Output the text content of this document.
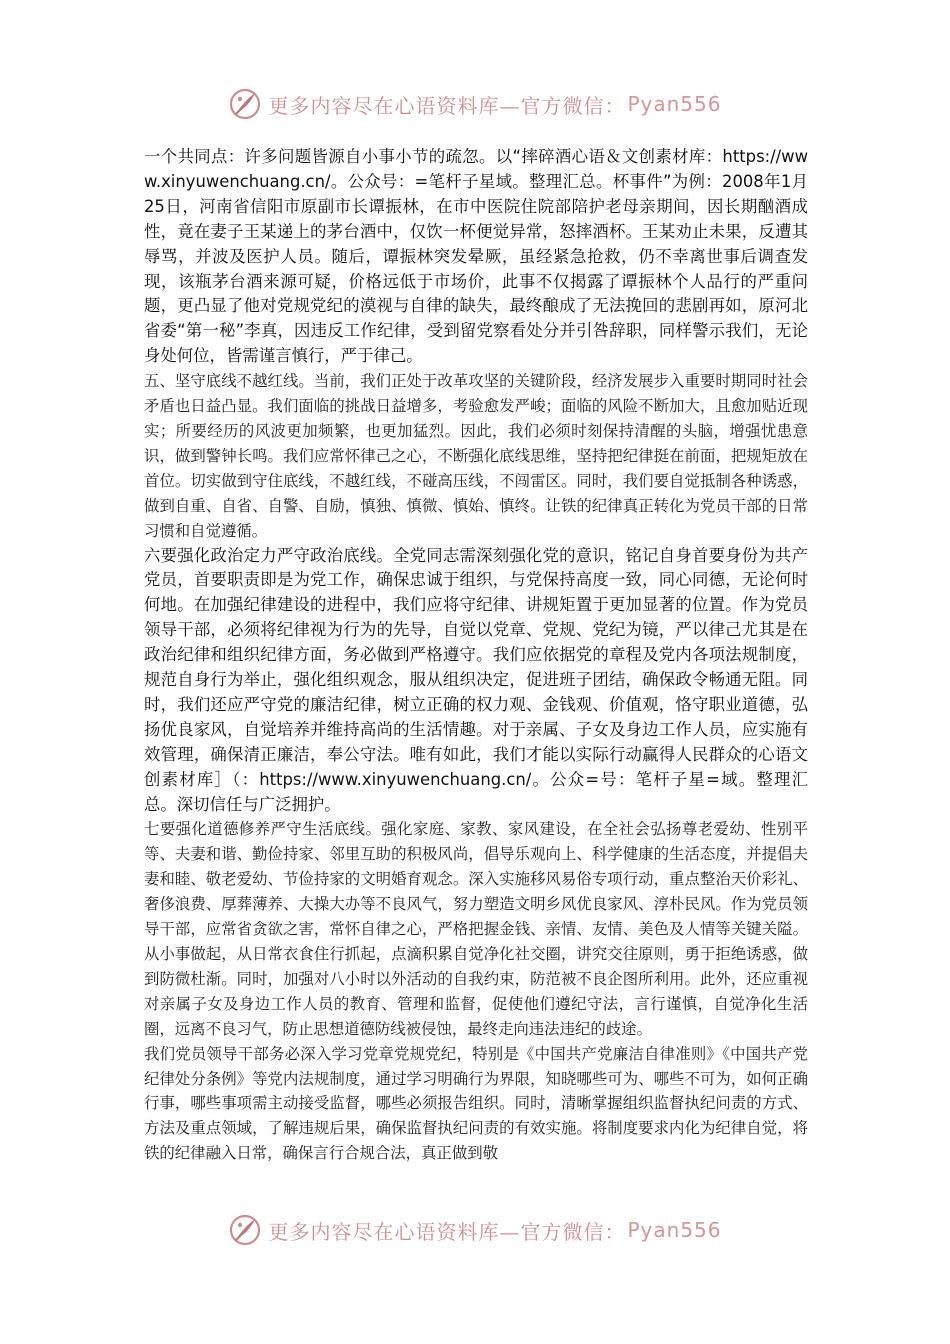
更多内容尽在心语资料库—官方微信： Pyan556

一个共同点：许多问题皆源自小事小节的疏忽。以“摔碎酒心语＆文创素材库：https://www.xinyuwenchuang.cn/。公众号：=笔杆子星域。整理汇总。杯事件”为例：2008年1月25日，河南省信阳市原副市长谭振林，在市中医院住院部陪护老母亲期间，因长期酗酒成性，竟在妻子王某递上的茅台酒中，仅饮一杯便觉异常，怒摔酒杯。王某劝止未果，反遭其辱骂，并波及医护人员。随后，谭振林突发晕厥，虽经紧急抢救，仍不幸离世事后调查发现，该瓶茅台酒来源可疑，价格远低于市场价，此事不仅揭露了谭振林个人品行的严重问题，更凸显了他对党规党纪的漠视与自律的缺失，最终酿成了无法挽回的悲剧再如，原河北省委“第一秘”李真，因违反工作纪律，受到留党察看处分并引咎辞职，同样警示我们，无论身处何位，皆需谨言慎行，严于律己。

五、坚守底线不越红线。当前，我们正处于改革攻坚的关键阶段，经济发展步入重要时期同时社会矛盾也日益凸显。我们面临的挑战日益增多，考验愈发严峻；面临的风险不断加大，且愈加贴近现实；所要经历的风波更加频繁，也更加猛烈。因此，我们必须时刻保持清醒的头脑，增强忧患意识，做到警钟长鸣。我们应常怀律己之心，不断强化底线思维，坚持把纪律挺在前面，把规矩放在首位。切实做到守住底线，不越红线，不碰高压线，不闯雷区。同时，我们要自觉抵制各种诱惑，做到自重、自省、自警、自励，慎独、慎微、慎始、慎终。让铁的纪律真正转化为党员干部的日常习惯和自觉遵循。

六要强化政治定力严守政治底线。全党同志需深刻强化党的意识，铭记自身首要身份为共产党员，首要职责即是为党工作，确保忠诚于组织，与党保持高度一致，同心同德，无论何时何地。在加强纪律建设的进程中，我们应将守纪律、讲规矩置于更加显著的位置。作为党员领导干部，必须将纪律视为行为的先导，自觉以党章、党规、党纪为镜，严以律己尤其是在政治纪律和组织纪律方面，务必做到严格遵守。我们应依据党的章程及党内各项法规制度，规范自身行为举止，强化组织观念，服从组织决定，促进班子团结，确保政令畅通无阻。同时，我们还应严守党的廉洁纪律，树立正确的权力观、金钱观、价值观，恪守职业道德，弘扬优良家风，自觉培养并维持高尚的生活情趣。对于亲属、子女及身边工作人员，应实施有效管理，确保清正廉洁，奉公守法。唯有如此，我们才能以实际行动赢得人民群众的心语文创素材库］（：https://www.xinyuwenchuang.cn/。公众=号：笔杆子星=域。整理汇总。深切信任与广泛拥护。

七要强化道德修养严守生活底线。强化家庭、家教、家风建设，在全社会弘扬尊老爱幼、性别平等、夫妻和谐、勤俭持家、邻里互助的积极风尚，倡导乐观向上、科学健康的生活态度，并提倡夫妻和睦、敬老爱幼、节俭持家的文明婚育观念。深入实施移风易俗专项行动，重点整治天价彩礼、奢侈浪费、厚葬薄养、大操大办等不良风气，努力塑造文明乡风优良家风、淳朴民风。作为党员领导干部，应常省贪欲之害，常怀自律之心，严格把握金钱、亲情、友情、美色及人情等关键关隘。从小事做起，从日常衣食住行抓起，点滴积累自觉净化社交圈，讲究交往原则，勇于拒绝诱惑，做到防微杜渐。同时，加强对八小时以外活动的自我约束，防范被不良企图所利用。此外，还应重视对亲属子女及身边工作人员的教育、管理和监督，促使他们遵纪守法，言行谨慎，自觉净化生活圈，远离不良习气，防止思想道德防线被侵蚀，最终走向违法违纪的歧途。

我们党员领导干部务必深入学习党章党规党纪，特别是《中国共产党廉洁自律准则》《中国共产党纪律处分条例》等党内法规制度，通过学习明确行为界限，知晓哪些可为、哪些不可为，如何正确行事，哪些事项需主动接受监督，哪些必须报告组织。同时，清晰掌握组织监督执纪问责的方式、方法及重点领域，了解违规后果，确保监督执纪问责的有效实施。将制度要求内化为纪律自觉，将铁的纪律融入日常，确保言行合规合法，真正做到敬

更多内容尽在心语资料库—官方微信： Pyan556
